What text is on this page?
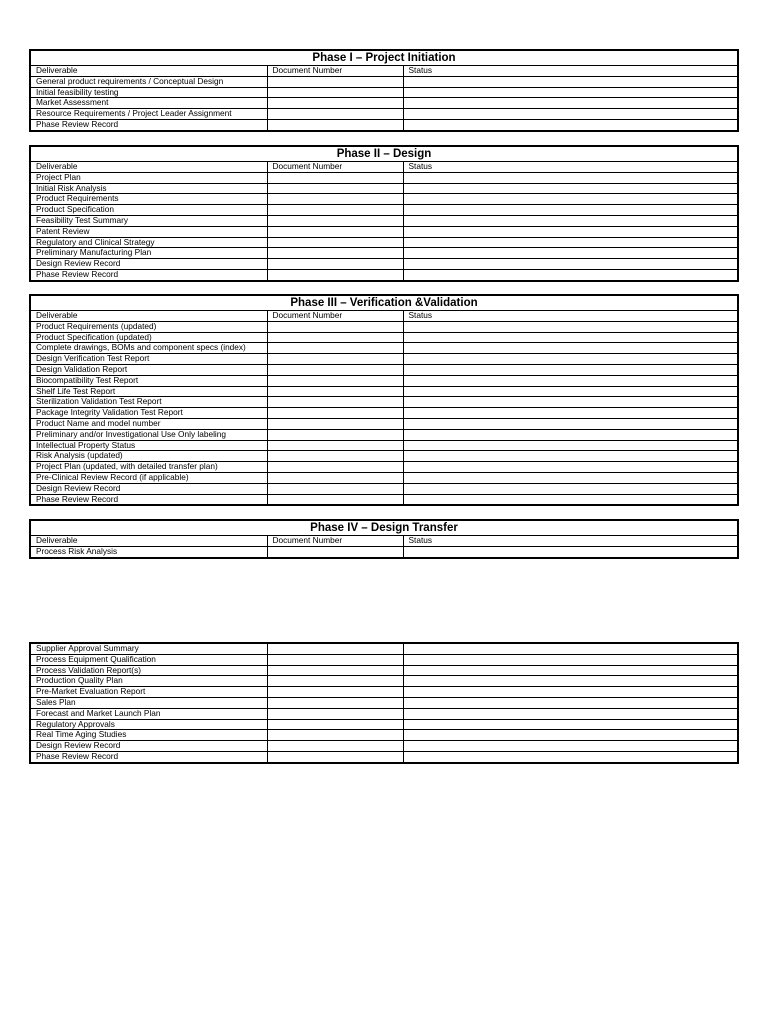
Phase I – Project Initiation
Deliverable	Document Number	Status
General product requirements / Conceptual Design		
Initial feasibility testing		
Market Assessment		
Resource Requirements / Project Leader Assignment		
Phase Review Record		
Phase II – Design
Deliverable	Document Number	Status
Project Plan		
Initial Risk Analysis		
Product Requirements		
Product Specification		
Feasibility Test Summary		
Patent Review		
Regulatory and Clinical Strategy		
Preliminary Manufacturing Plan		
Design Review Record		
Phase Review Record		
Phase III – Verification &Validation
Deliverable	Document Number	Status
Product Requirements (updated)		
Product Specification (updated)		
Complete drawings, BOMs and component specs (index)		
Design Verification Test Report		
Design Validation Report		
Biocompatibility Test Report		
Shelf Life Test Report		
Sterilization Validation Test Report		
Package Integrity Validation Test Report		
Product Name and model number		
Preliminary and/or Investigational Use Only labeling		
Intellectual Property Status		
Risk Analysis (updated)		
Project Plan (updated, with detailed transfer plan)		
Pre-Clinical Review Record (if applicable)		
Design Review Record		
Phase Review Record		
Phase IV – Design Transfer
Deliverable	Document Number	Status
Process Risk Analysis		
Supplier Approval Summary		
Process Equipment Qualification		
Process Validation Report(s)		
Production Quality Plan		
Pre-Market Evaluation Report		
Sales Plan		
Forecast and Market Launch Plan		
Regulatory Approvals		
Real Time Aging Studies		
Design Review Record		
Phase Review Record		
